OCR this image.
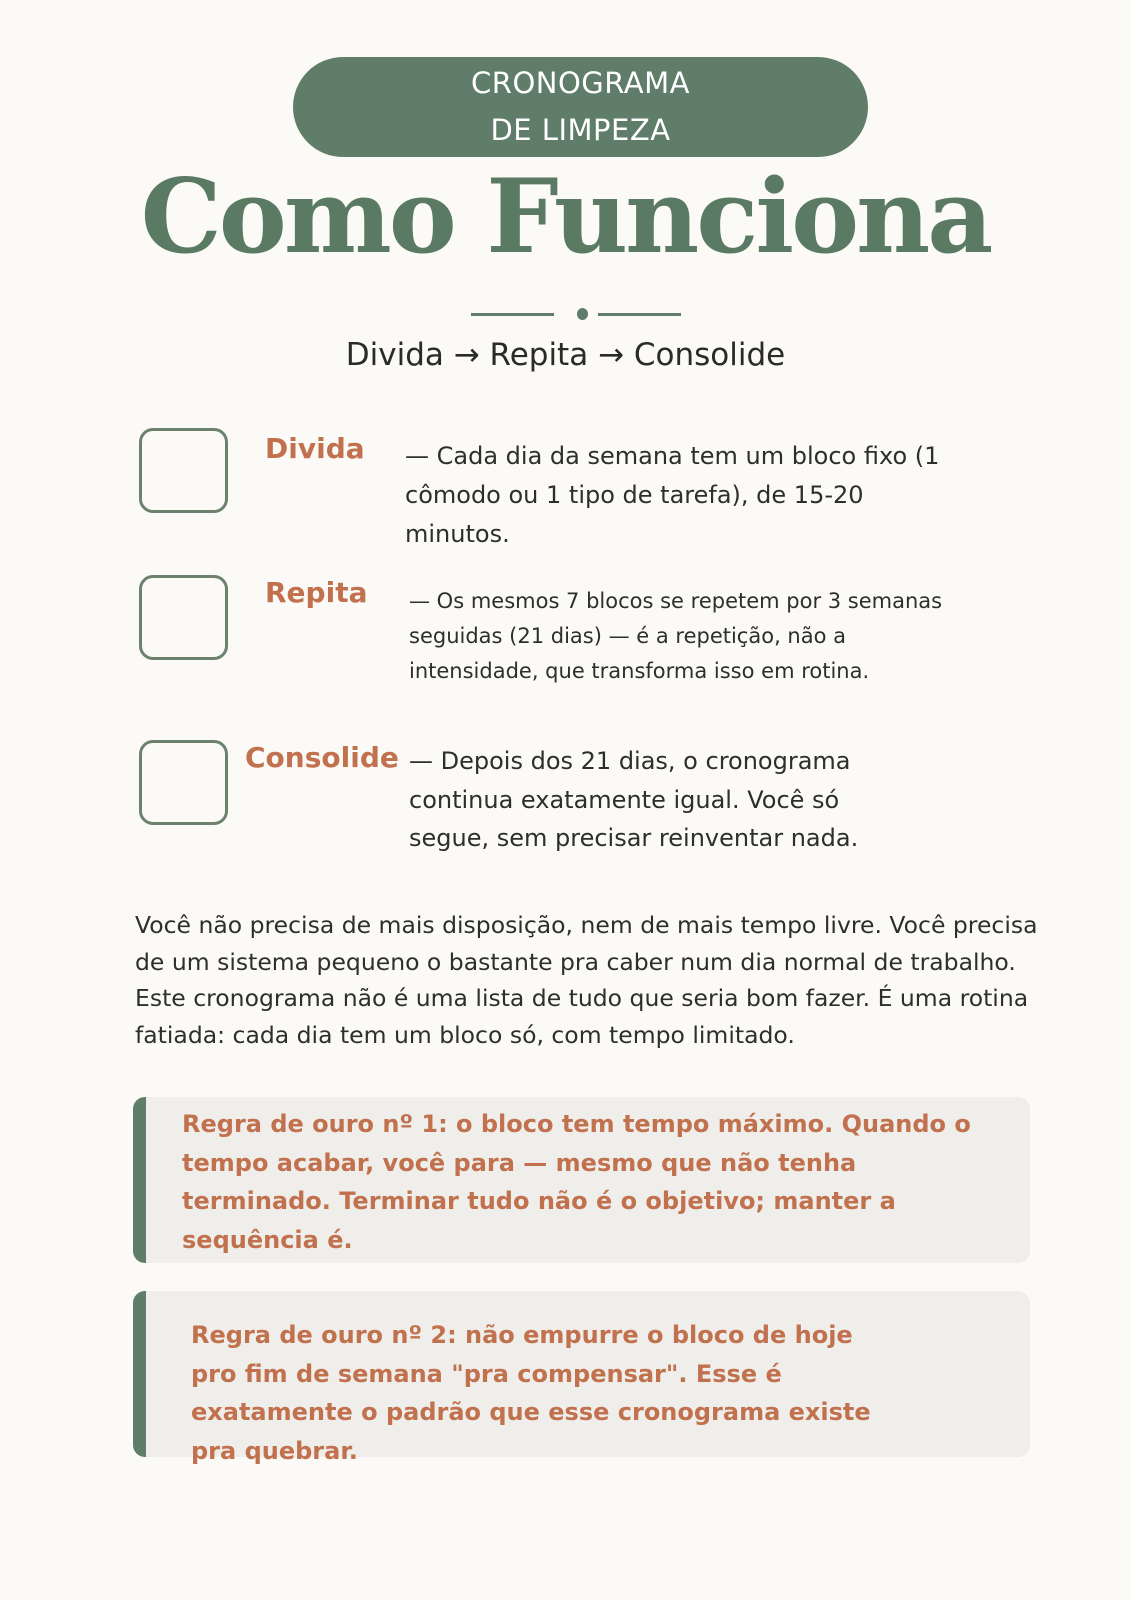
CRONOGRAMA
DE LIMPEZA
Como Funciona
Divida → Repita → Consolide
Divida — Cada dia da semana tem um bloco fixo (1 cômodo ou 1 tipo de tarefa), de 15-20 minutos.
Repita — Os mesmos 7 blocos se repetem por 3 semanas seguidas (21 dias) — é a repetição, não a intensidade, que transforma isso em rotina.
Consolide — Depois dos 21 dias, o cronograma continua exatamente igual. Você só segue, sem precisar reinventar nada.
Você não precisa de mais disposição, nem de mais tempo livre. Você precisa de um sistema pequeno o bastante pra caber num dia normal de trabalho. Este cronograma não é uma lista de tudo que seria bom fazer. É uma rotina fatiada: cada dia tem um bloco só, com tempo limitado.
Regra de ouro nº 1: o bloco tem tempo máximo. Quando o tempo acabar, você para — mesmo que não tenha terminado. Terminar tudo não é o objetivo; manter a sequência é.
Regra de ouro nº 2: não empurre o bloco de hoje pro fim de semana "pra compensar". Esse é exatamente o padrão que esse cronograma existe pra quebrar.
